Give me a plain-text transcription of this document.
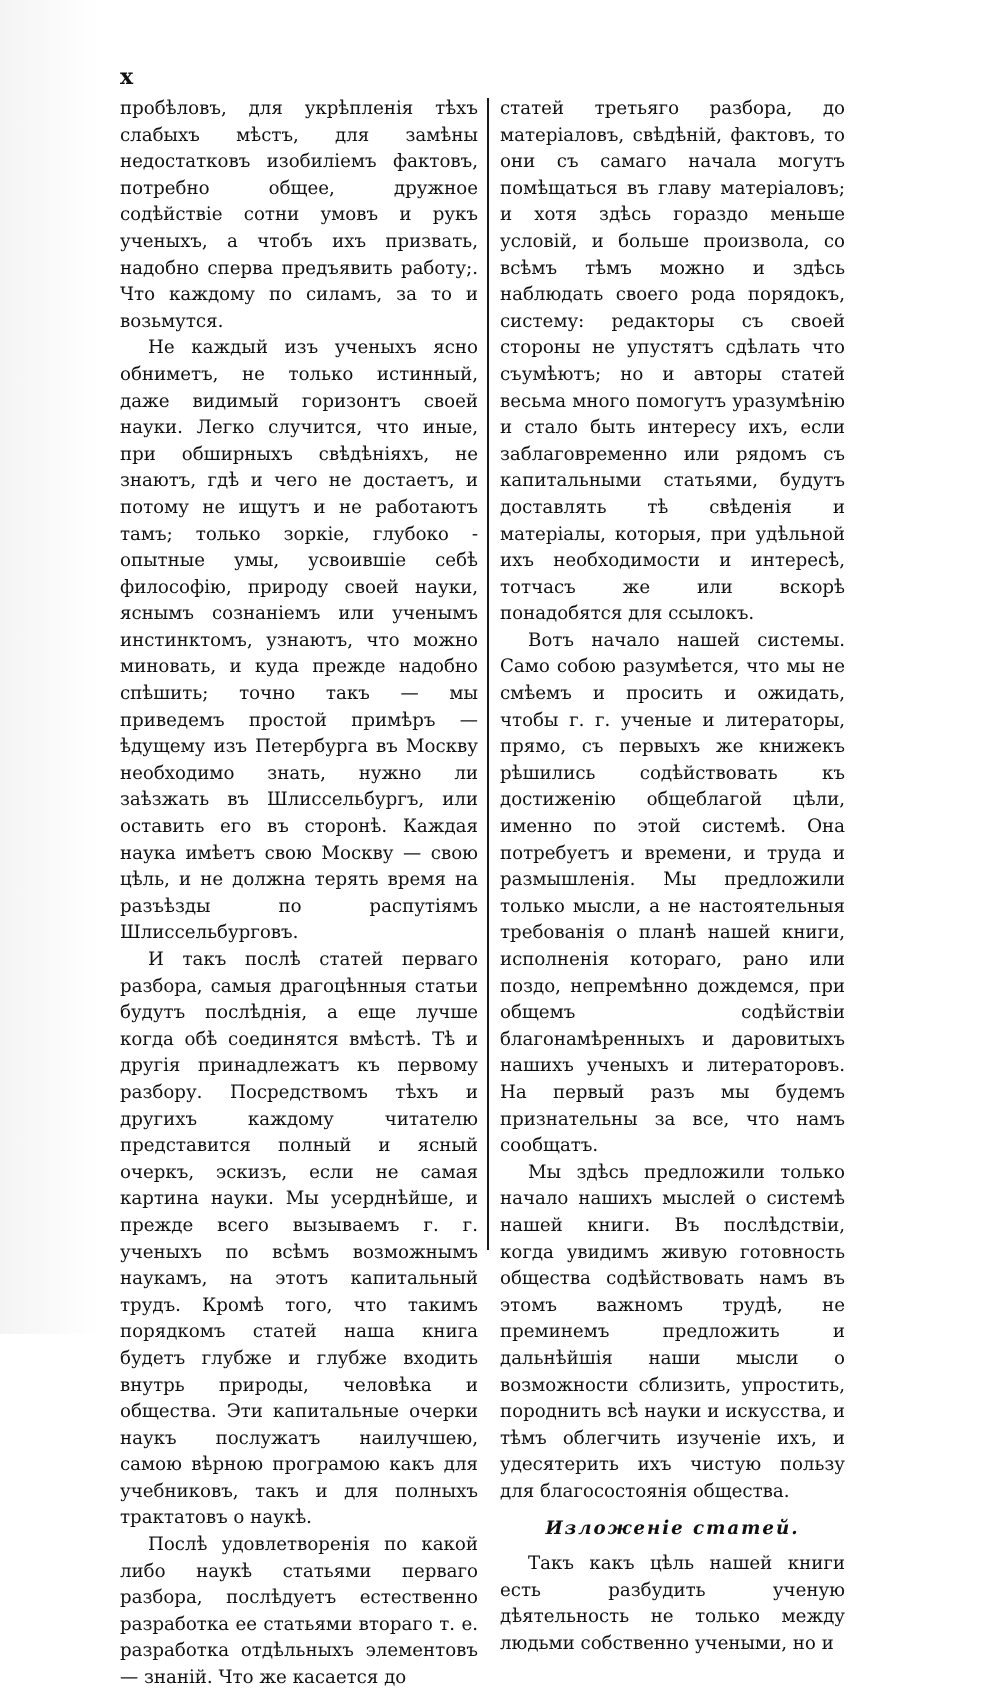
x

пробѣловъ, для укрѣпленія тѣхъ слабыхъ мѣстъ, для замѣны недостатковъ изобиліемъ фактовъ, потребно общее, дружное содѣйствіе сотни умовъ и рукъ ученыхъ, а чтобъ ихъ призвать, надобно сперва предъявить работу;. Что каждому по силамъ, за то и возьмутся.

Не каждый изъ ученыхъ ясно обниметъ, не только истинный, даже видимый горизонтъ своей науки. Легко случится, что иные, при обширныхъ свѣдѣніяхъ, не знаютъ, гдѣ и чего не достаетъ, и потому не ищутъ и не работаютъ тамъ; только зоркіе, глубоко - опытные умы, усвоившіе себѣ философію, природу своей науки, яснымъ сознаніемъ или ученымъ инстинктомъ, узнаютъ, что можно миновать, и куда прежде надобно спѣшить; точно такъ — мы приведемъ простой примѣръ — ѣдущему изъ Петербурга въ Москву необходимо знать, нужно ли заѣзжать въ Шлиссельбургъ, или оставить его въ сторонѣ. Каждая наука имѣетъ свою Москву — свою цѣль, и не должна терять время на разъѣзды по распутіямъ Шлиссельбурговъ.

И такъ послѣ статей перваго разбора, самыя драгоцѣнныя статьи будутъ послѣднія, а еще лучше когда обѣ соединятся вмѣстѣ. Тѣ и другія принадлежатъ къ первому разбору. Посредствомъ тѣхъ и другихъ каждому читателю представится полный и ясный очеркъ, эскизъ, если не самая картина науки. Мы усерднѣйше, и прежде всего вызываемъ г. г. ученыхъ по всѣмъ возможнымъ наукамъ, на этотъ капитальный трудъ. Кромѣ того, что такимъ порядкомъ статей наша книга будетъ глубже и глубже входить внутрь природы, человѣка и общества. Эти капитальные очерки наукъ послужатъ наилучшею, самою вѣрною програмою какъ для учебниковъ, такъ и для полныхъ трактатовъ о наукѣ.

Послѣ удовлетворенія по какой либо наукѣ статьями перваго разбора, послѣдуетъ естественно разработка ее статьями втораго т. е. разработка отдѣльныхъ элементовъ — знаній. Что же касается до

статей третьяго разбора, до матеріаловъ, свѣдѣній, фактовъ, то они съ самаго начала могутъ помѣщаться въ главу матеріаловъ; и хотя здѣсь гораздо меньше условій, и больше произвола, со всѣмъ тѣмъ можно и здѣсь наблюдать своего рода порядокъ, систему: редакторы съ своей стороны не упустятъ сдѣлать что съумѣютъ; но и авторы статей весьма много помогутъ уразумѣнію и стало быть интересу ихъ, если заблаговременно или рядомъ съ капитальными статьями, будутъ доставлять тѣ свѣденія и матеріалы, которыя, при удѣльной ихъ необходимости и интересѣ, тотчасъ же или вскорѣ понадобятся для ссылокъ.

Вотъ начало нашей системы. Само собою разумѣется, что мы не смѣемъ и просить и ожидать, чтобы г. г. ученые и литераторы, прямо, съ первыхъ же книжекъ рѣшились содѣйствовать къ достиженію общеблагой цѣли, именно по этой системѣ. Она потребуетъ и времени, и труда и размышленія. Мы предложили только мысли, а не настоятельныя требованія о планѣ нашей книги, исполненія котораго, рано или поздо, непремѣнно дождемся, при общемъ содѣйствіи благонамѣренныхъ и даровитыхъ нашихъ ученыхъ и литераторовъ. На первый разъ мы будемъ признательны за все, что намъ сообщатъ.

Мы здѣсь предложили только начало нашихъ мыслей о системѣ нашей книги. Въ послѣдствіи, когда увидимъ живую готовность общества содѣйствовать намъ въ этомъ важномъ трудѣ, не преминемъ предложить и дальнѣйшія наши мысли о возможности сблизить, упростить, породнить всѣ науки и искусства, и тѣмъ облегчить изученіе ихъ, и удесятерить ихъ чистую пользу для благосостоянія общества.

Изложеніе статей.

Такъ какъ цѣль нашей книги есть разбудить ученую дѣятельность не только между людьми собственно учеными, но и
